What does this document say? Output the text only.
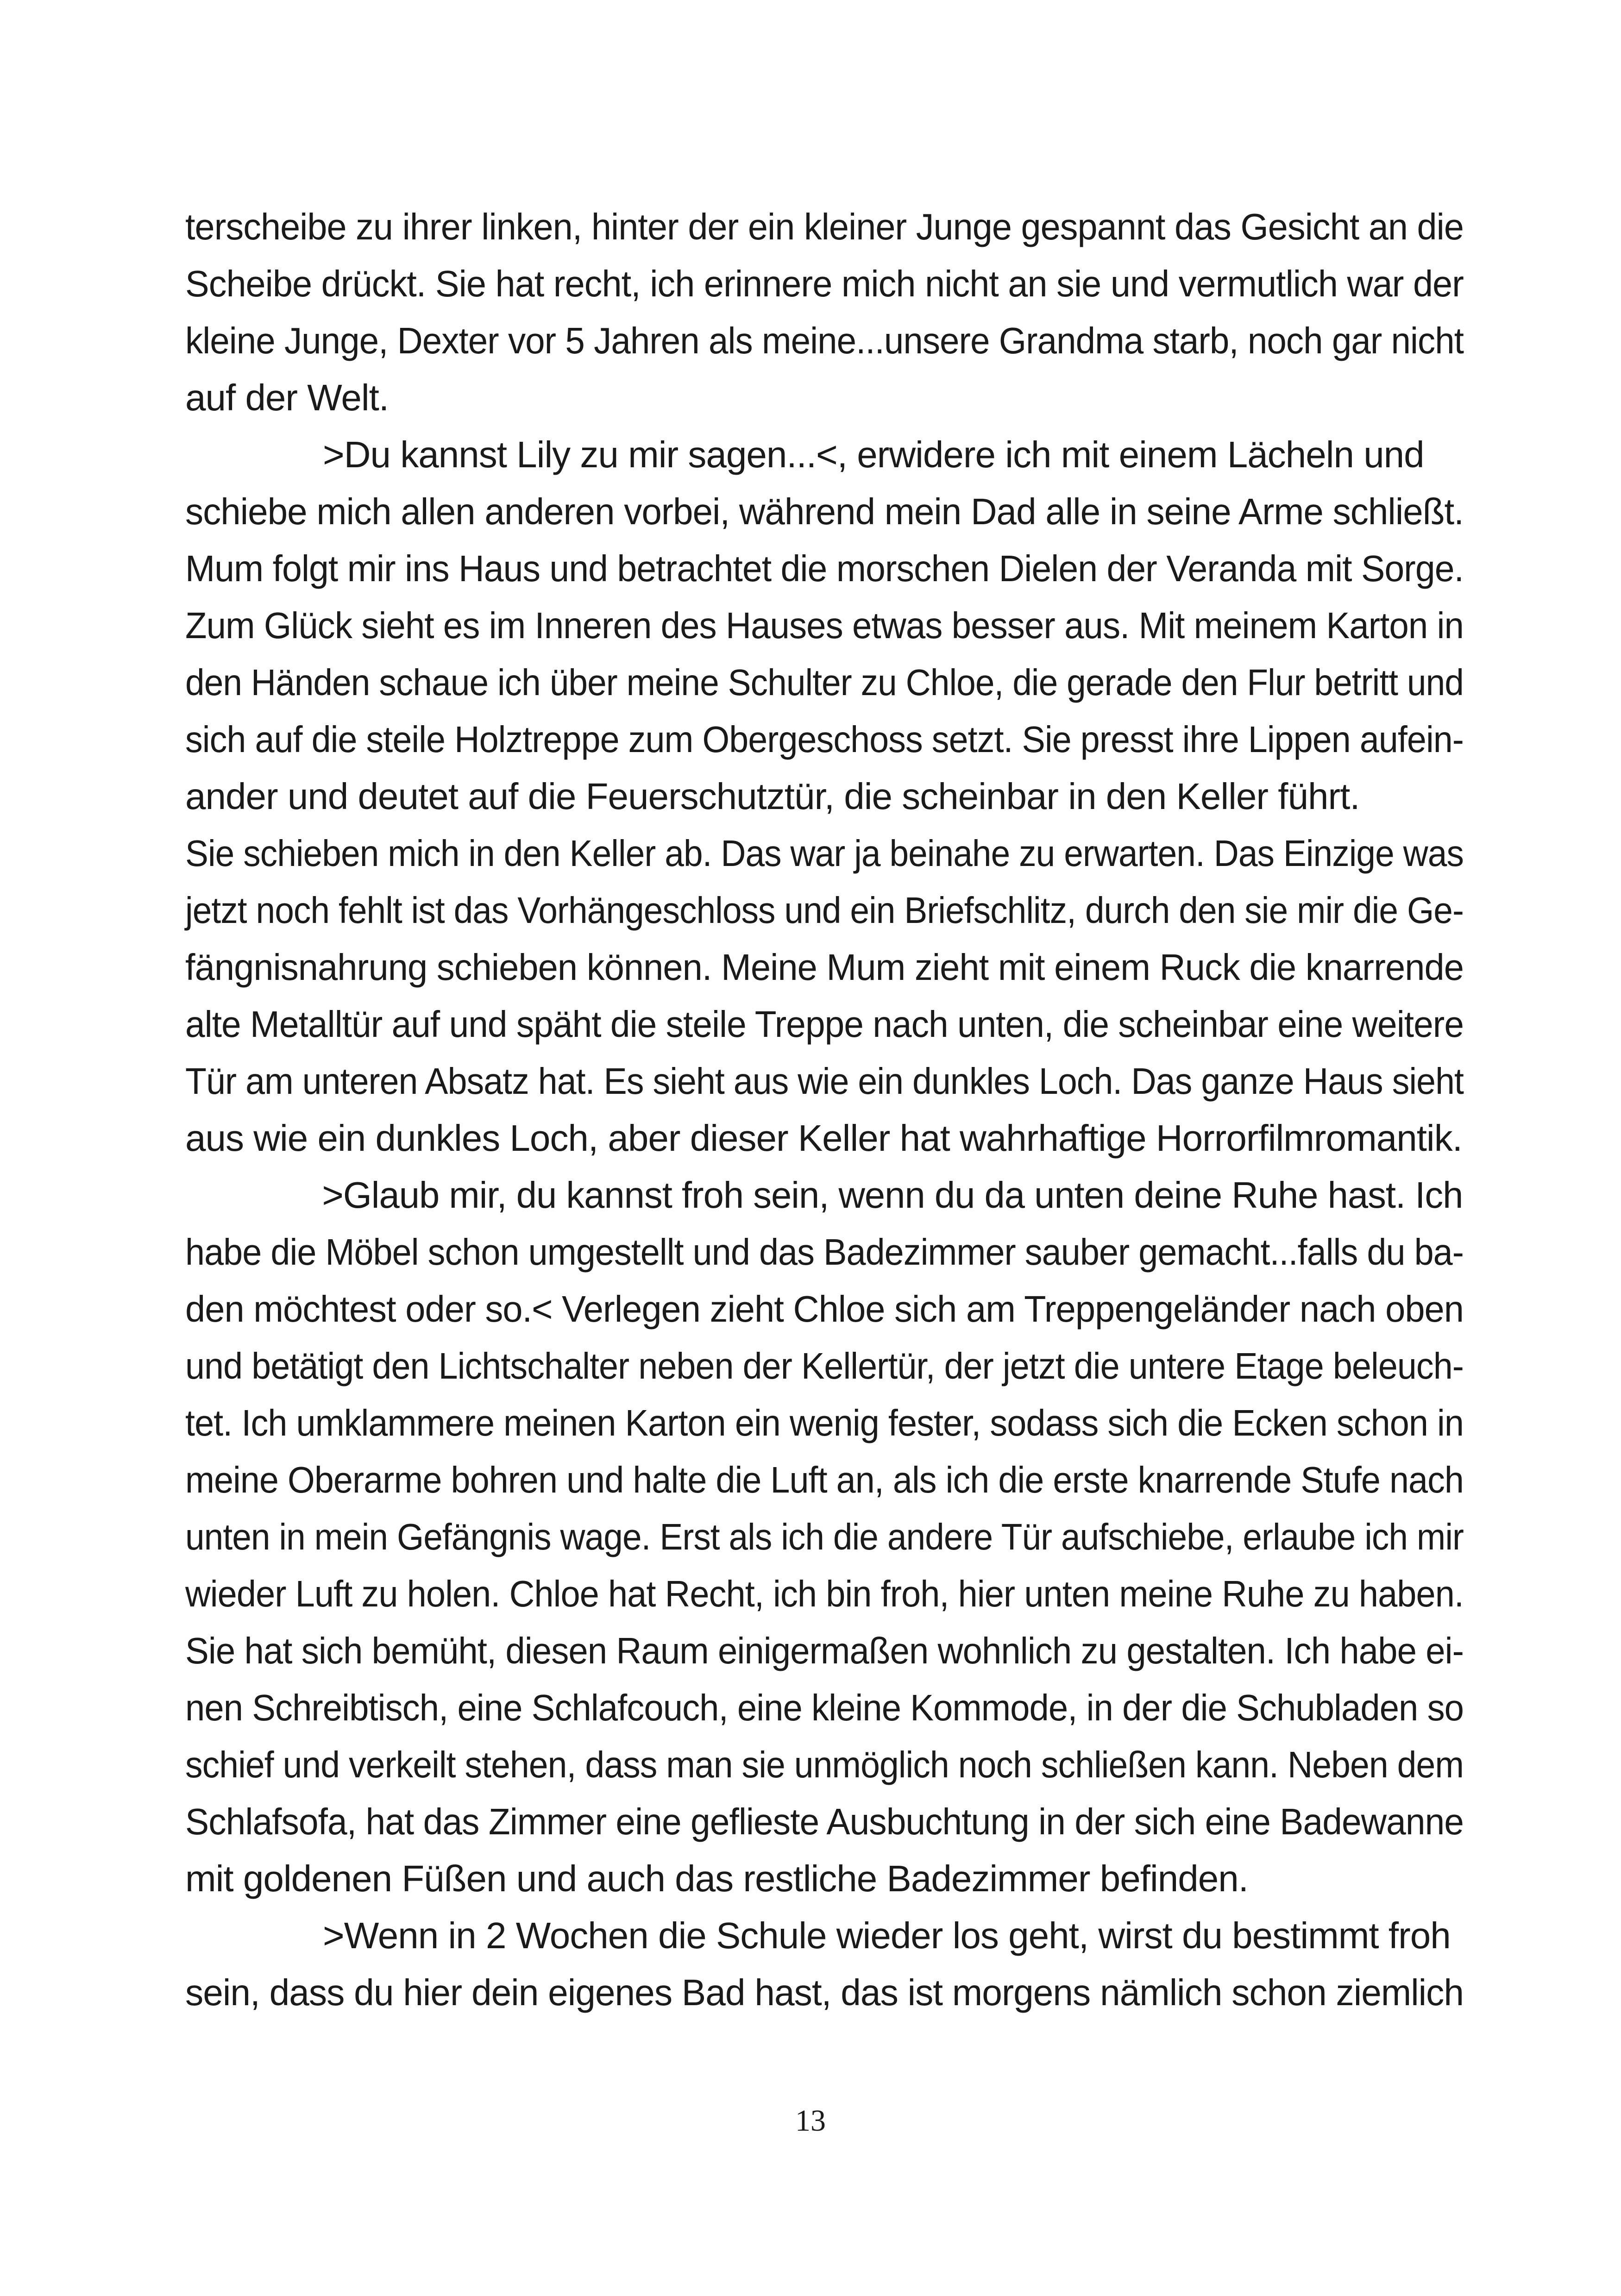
terscheibe zu ihrer linken, hinter der ein kleiner Junge gespannt das Gesicht an die
Scheibe drückt. Sie hat recht, ich erinnere mich nicht an sie und vermutlich war der
kleine Junge, Dexter vor 5 Jahren als meine...unsere Grandma starb, noch gar nicht
auf der Welt.
>Du kannst Lily zu mir sagen...<, erwidere ich mit einem Lächeln und
schiebe mich allen anderen vorbei, während mein Dad alle in seine Arme schließt.
Mum folgt mir ins Haus und betrachtet die morschen Dielen der Veranda mit Sorge.
Zum Glück sieht es im Inneren des Hauses etwas besser aus. Mit meinem Karton in
den Händen schaue ich über meine Schulter zu Chloe, die gerade den Flur betritt und
sich auf die steile Holztreppe zum Obergeschoss setzt. Sie presst ihre Lippen aufein-
ander und deutet auf die Feuerschutztür, die scheinbar in den Keller führt.
Sie schieben mich in den Keller ab. Das war ja beinahe zu erwarten. Das Einzige was
jetzt noch fehlt ist das Vorhängeschloss und ein Briefschlitz, durch den sie mir die Ge-
fängnisnahrung schieben können. Meine Mum zieht mit einem Ruck die knarrende
alte Metalltür auf und späht die steile Treppe nach unten, die scheinbar eine weitere
Tür am unteren Absatz hat. Es sieht aus wie ein dunkles Loch. Das ganze Haus sieht
aus wie ein dunkles Loch, aber dieser Keller hat wahrhaftige Horrorfilmromantik.
>Glaub mir, du kannst froh sein, wenn du da unten deine Ruhe hast. Ich
habe die Möbel schon umgestellt und das Badezimmer sauber gemacht...falls du ba-
den möchtest oder so.< Verlegen zieht Chloe sich am Treppengeländer nach oben
und betätigt den Lichtschalter neben der Kellertür, der jetzt die untere Etage beleuch-
tet. Ich umklammere meinen Karton ein wenig fester, sodass sich die Ecken schon in
meine Oberarme bohren und halte die Luft an, als ich die erste knarrende Stufe nach
unten in mein Gefängnis wage. Erst als ich die andere Tür aufschiebe, erlaube ich mir
wieder Luft zu holen. Chloe hat Recht, ich bin froh, hier unten meine Ruhe zu haben.
Sie hat sich bemüht, diesen Raum einigermaßen wohnlich zu gestalten. Ich habe ei-
nen Schreibtisch, eine Schlafcouch, eine kleine Kommode, in der die Schubladen so
schief und verkeilt stehen, dass man sie unmöglich noch schließen kann. Neben dem
Schlafsofa, hat das Zimmer eine geflieste Ausbuchtung in der sich eine Badewanne
mit goldenen Füßen und auch das restliche Badezimmer befinden.
>Wenn in 2 Wochen die Schule wieder los geht, wirst du bestimmt froh
sein, dass du hier dein eigenes Bad hast, das ist morgens nämlich schon ziemlich
13
